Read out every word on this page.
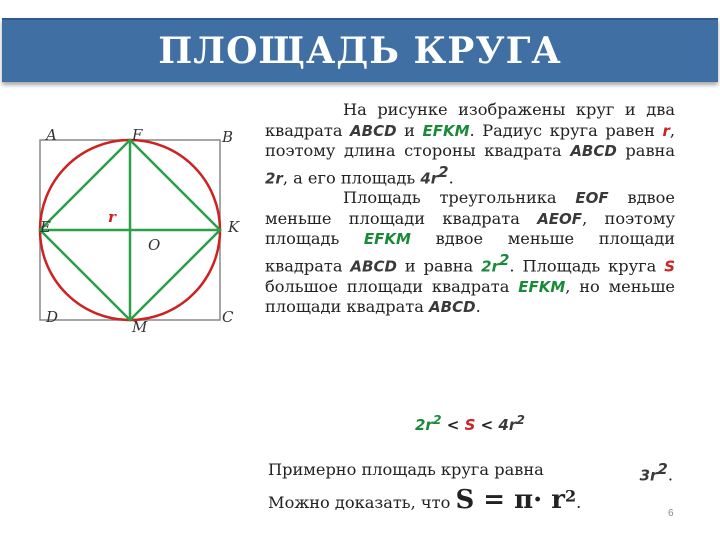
ПЛОЩАДЬ КРУГА
A	F	B
E	K
O
D
M
C
r

На рисунке изображены круг и два квадрата ABCD и EFKM. Радиус круга равен r, поэтому длина стороны квадрата ABCD равна 2r, а его площадь $4r^2$.

Площадь треугольника EOF вдвое меньше площади квадрата AEOF, поэтому площадь EFKM вдвое меньше площади квадрата ABCD и равна $2r^2$. Площадь круга S большое площади квадрата EFKM, но меньше площади квадрата ABCD.

$2r^2 < S < 4r^2$
Примерно площадь круга равна	$3r^2$.
Можно доказать, что $S = \pi\cdot r^2$.
6
